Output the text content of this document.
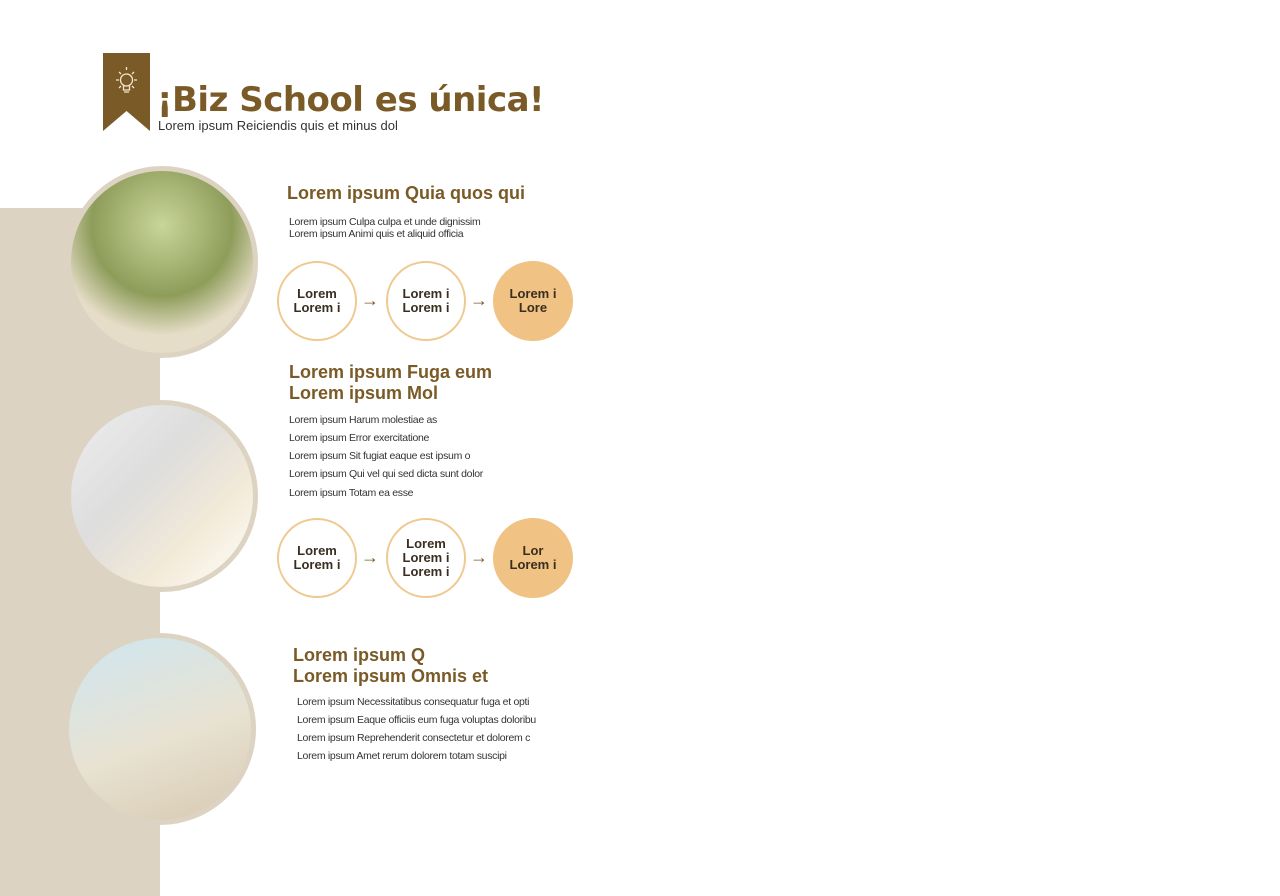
¡Biz School es única!
Lorem ipsum Reiciendis quis et minus dol
Lorem ipsum Quia quos qui
Lorem ipsum Culpa culpa et unde dignissim
Lorem ipsum Animi quis et aliquid officia
Lorem
Lorem i → Lorem i
Lorem i → Lorem i
Lore
Lorem ipsum Fuga eum
Lorem ipsum Mol
Lorem ipsum Harum molestiae as
Lorem ipsum Error exercitatione
Lorem ipsum Sit fugiat eaque est ipsum o
Lorem ipsum Qui vel qui sed dicta sunt dolor
Lorem ipsum Totam ea esse
Lorem
Lorem i →
Lorem
Lorem i
Lorem i
→	Lor
Lorem i
Lorem ipsum Q
Lorem ipsum Omnis et
Lorem ipsum Necessitatibus consequatur fuga et opti
Lorem ipsum Eaque officiis eum fuga voluptas doloribu
Lorem ipsum Reprehenderit consectetur et dolorem c
Lorem ipsum Amet rerum dolorem totam suscipi
